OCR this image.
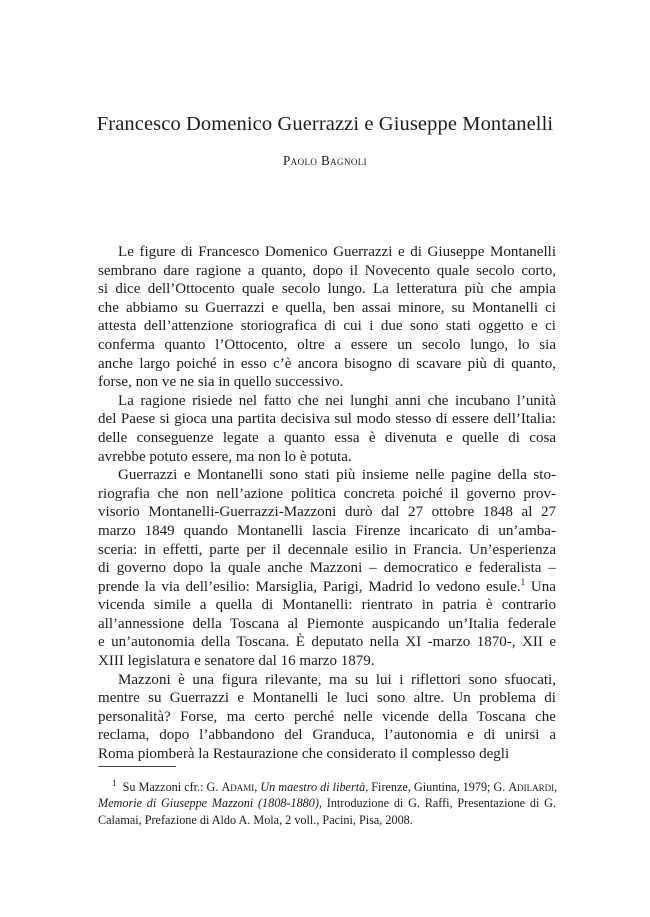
Francesco Domenico Guerrazzi e Giuseppe Montanelli
Paolo Bagnoli
Le figure di Francesco Domenico Guerrazzi e di Giuseppe Montanelli
sembrano dare ragione a quanto, dopo il Novecento quale secolo corto,
si dice dell’Ottocento quale secolo lungo. La letteratura più che ampia
che abbiamo su Guerrazzi e quella, ben assai minore, su Montanelli ci
attesta dell’attenzione storiografica di cui i due sono stati oggetto e ci
conferma quanto l’Ottocento, oltre a essere un secolo lungo, lo sia
anche largo poiché in esso c’è ancora bisogno di scavare più di quanto,
forse, non ve ne sia in quello successivo.
La ragione risiede nel fatto che nei lunghi anni che incubano l’unità
del Paese si gioca una partita decisiva sul modo stesso di essere dell’Italia:
delle conseguenze legate a quanto essa è divenuta e quelle di cosa
avrebbe potuto essere, ma non lo è potuta.
Guerrazzi e Montanelli sono stati più insieme nelle pagine della sto-
riografia che non nell’azione politica concreta poiché il governo prov-
visorio Montanelli-Guerrazzi-Mazzoni durò dal 27 ottobre 1848 al 27
marzo 1849 quando Montanelli lascia Firenze incaricato di un’amba-
sceria: in effetti, parte per il decennale esilio in Francia. Un’esperienza
di governo dopo la quale anche Mazzoni – democratico e federalista –
prende la via dell’esilio: Marsiglia, Parigi, Madrid lo vedono esule.$^1$ Una
vicenda simile a quella di Montanelli: rientrato in patria è contrario
all’annessione della Toscana al Piemonte auspicando un’Italia federale
e un’autonomia della Toscana. È deputato nella XI -marzo 1870-, XII e
XIII legislatura e senatore dal 16 marzo 1879.
Mazzoni è una figura rilevante, ma su lui i riflettori sono sfuocati,
mentre su Guerrazzi e Montanelli le luci sono altre. Un problema di
personalità? Forse, ma certo perché nelle vicende della Toscana che
reclama, dopo l’abbandono del Granduca, l’autonomia e di unirsi a
Roma piomberà la Restaurazione che considerato il complesso degli
$^1$  Su Mazzoni cfr.: G. Adami, Un maestro di libertà, Firenze, Giuntina, 1979; G. Adilardi,
Memorie di Giuseppe Mazzoni (1808-1880), Introduzione di G. Raffi, Presentazione di G.
Calamai, Prefazione di Aldo A. Mola, 2 voll., Pacini, Pisa, 2008.
